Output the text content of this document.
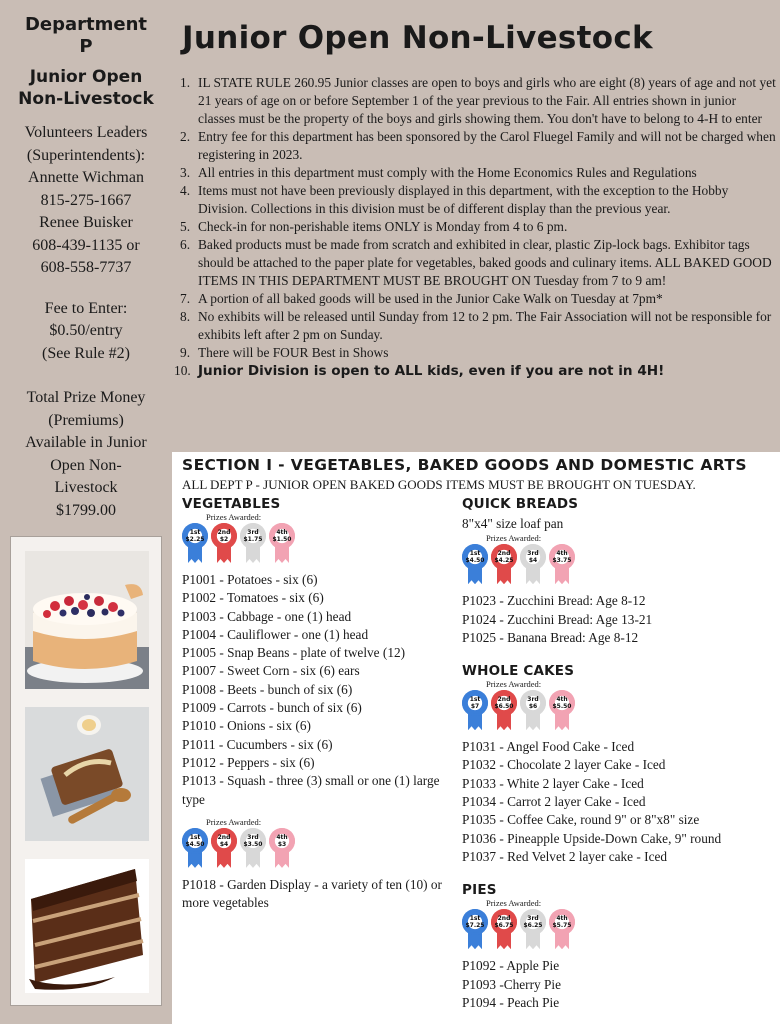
Department
P
Junior Open
Non-Livestock
Volunteers Leaders
(Superintendents):
Annette Wichman
815-275-1667
Renee Buisker
608-439-1135 or
608-558-7737
Fee to Enter:
$0.50/entry
(See Rule #2)
Total Prize Money
(Premiums)
Available in Junior
Open Non-
Livestock
$1799.00
Junior Open Non-Livestock
1. IL STATE RULE 260.95 Junior classes are open to boys and girls who are eight (8) years of age and not yet 21 years of age on or before September 1 of the year previous to the Fair. All entries shown in junior classes must be the property of the boys and girls showing them. You don't have to belong to 4-H to enter
2. Entry fee for this department has been sponsored by the Carol Fluegel Family and will not be charged when registering in 2023.
3. All entries in this department must comply with the Home Economics Rules and Regulations
4. Items must not have been previously displayed in this department, with the exception to the Hobby Division. Collections in this division must be of different display than the previous year.
5. Check-in for non-perishable items ONLY is Monday from 4 to 6 pm.
6. Baked products must be made from scratch and exhibited in clear, plastic Zip-lock bags. Exhibitor tags should be attached to the paper plate for vegetables, baked goods and culinary items. ALL BAKED GOOD ITEMS IN THIS DEPARTMENT MUST BE BROUGHT ON Tuesday from 7 to 9 am!
7. A portion of all baked goods will be used in the Junior Cake Walk on Tuesday at 7pm*
8. No exhibits will be released until Sunday from 12 to 2 pm. The Fair Association will not be responsible for exhibits left after 2 pm on Sunday.
9. There will be FOUR Best in Shows
10. Junior Division is open to ALL kids, even if you are not in 4H!
SECTION I - VEGETABLES, BAKED GOODS AND DOMESTIC ARTS
ALL DEPT P - JUNIOR OPEN BAKED GOODS ITEMS MUST BE BROUGHT ON TUESDAY.
VEGETABLES
Prizes Awarded:
1st
$2.25
2nd
$2
3rd
$1.75
4th
$1.50
P1001 - Potatoes - six (6)
P1002 - Tomatoes - six (6)
P1003 - Cabbage - one (1) head
P1004 - Cauliflower - one (1) head
P1005 - Snap Beans - plate of twelve (12)
P1007 - Sweet Corn - six (6) ears
P1008 - Beets - bunch of six (6)
P1009 - Carrots - bunch of six (6)
P1010 - Onions - six (6)
P1011 - Cucumbers - six (6)
P1012 - Peppers - six (6)
P1013 - Squash - three (3) small or one (1) large type
Prizes Awarded:
1st
$4.50
2nd
$4
3rd
$3.50
4th
$3
P1018 - Garden Display - a variety of ten (10) or more vegetables
QUICK BREADS
8"x4" size loaf pan
Prizes Awarded:
1st
$4.50
2nd
$4.25
3rd
$4
4th
$3.75
P1023 - Zucchini Bread: Age 8-12
P1024 - Zucchini Bread: Age 13-21
P1025 - Banana Bread: Age 8-12
WHOLE CAKES
Prizes Awarded:
1st
$7
2nd
$6.50
3rd
$6
4th
$5.50
P1031 - Angel Food Cake - Iced
P1032 - Chocolate 2 layer Cake - Iced
P1033 - White 2 layer Cake - Iced
P1034 - Carrot 2 layer Cake - Iced
P1035 - Coffee Cake, round 9" or 8"x8" size
P1036 - Pineapple Upside-Down Cake, 9" round
P1037 - Red Velvet 2 layer cake - Iced
PIES
Prizes Awarded:
1st
$7.25
2nd
$6.75
3rd
$6.25
4th
$5.75
P1092 - Apple Pie
P1093 -Cherry Pie
P1094 - Peach Pie
